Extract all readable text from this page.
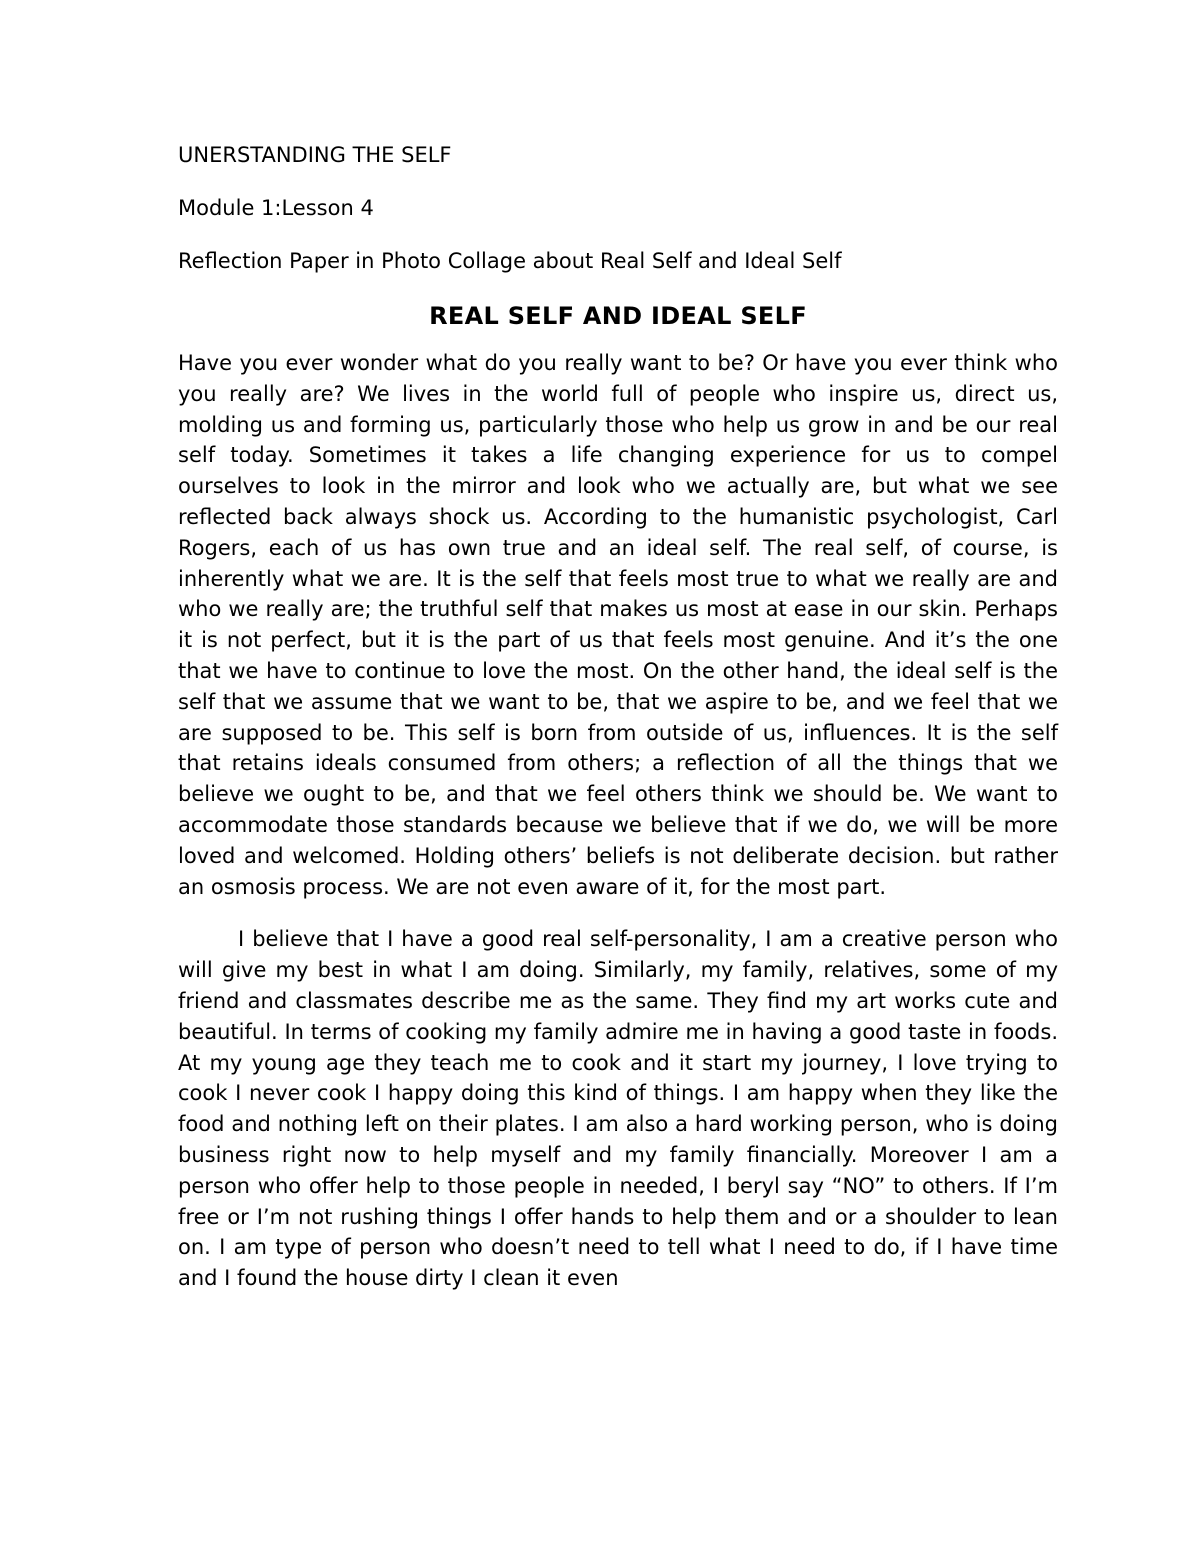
UNERSTANDING THE SELF
Module 1:Lesson 4
Reflection Paper in Photo Collage about Real Self and Ideal Self
REAL SELF AND IDEAL SELF

Have you ever wonder what do you really want to be? Or have you ever think who you really are? We lives in the world full of people who inspire us, direct us, molding us and forming us, particularly those who help us grow in and be our real self today. Sometimes it takes a life changing experience for us to compel ourselves to look in the mirror and look who we actually are, but what we see reflected back always shock us. According to the humanistic psychologist, Carl Rogers, each of us has own true and an ideal self. The real self, of course, is inherently what we are. It is the self that feels most true to what we really are and who we really are; the truthful self that makes us most at ease in our skin. Perhaps it is not perfect, but it is the part of us that feels most genuine. And it’s the one that we have to continue to love the most. On the other hand, the ideal self is the self that we assume that we want to be, that we aspire to be, and we feel that we are supposed to be. This self is born from outside of us, influences. It is the self that retains ideals consumed from others; a reflection of all the things that we believe we ought to be, and that we feel others think we should be. We want to accommodate those standards because we believe that if we do, we will be more loved and welcomed. Holding others’ beliefs is not deliberate decision. but rather an osmosis process. We are not even aware of it, for the most part.

I believe that I have a good real self-personality, I am a creative person who will give my best in what I am doing. Similarly, my family, relatives, some of my friend and classmates describe me as the same. They find my art works cute and beautiful. In terms of cooking my family admire me in having a good taste in foods. At my young age they teach me to cook and it start my journey, I love trying to cook I never cook I happy doing this kind of things. I am happy when they like the food and nothing left on their plates. I am also a hard working person, who is doing business right now to help myself and my family financially. Moreover I am a person who offer help to those people in needed, I beryl say “NO” to others. If I’m free or I’m not rushing things I offer hands to help them and or a shoulder to lean on. I am type of person who doesn’t need to tell what I need to do, if I have time and I found the house dirty I clean it even
